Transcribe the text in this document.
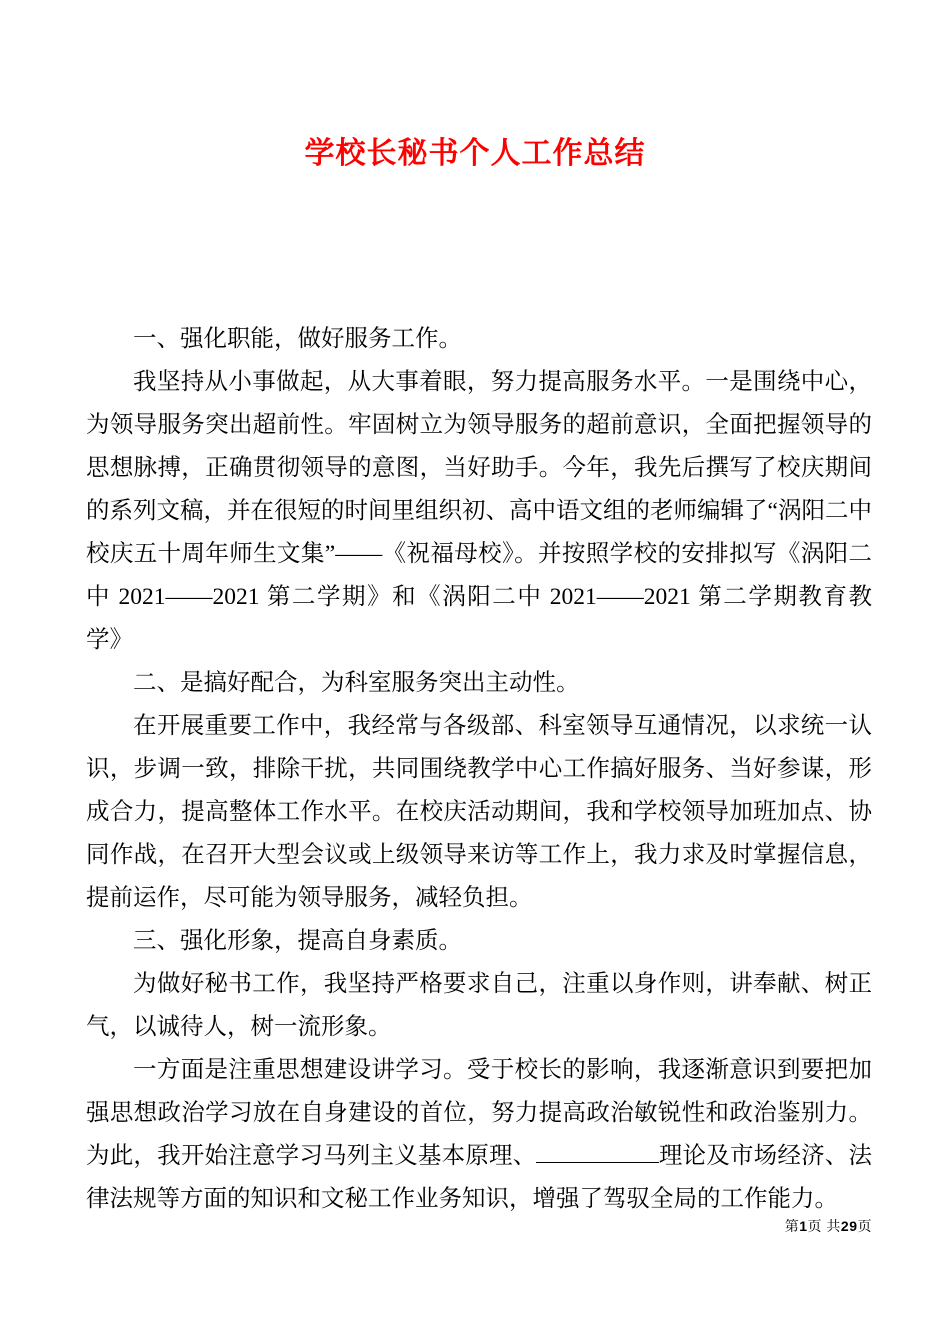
学校长秘书个人工作总结

一、强化职能，做好服务工作。

我坚持从小事做起，从大事着眼，努力提高服务水平。一是围绕中心，为领导服务突出超前性。牢固树立为领导服务的超前意识，全面把握领导的思想脉搏，正确贯彻领导的意图，当好助手。今年，我先后撰写了校庆期间的系列文稿，并在很短的时间里组织初、高中语文组的老师编辑了“涡阳二中校庆五十周年师生文集”——《祝福母校》。并按照学校的安排拟写《涡阳二中 2021——2021 第二学期》和《涡阳二中 2021——2021 第二学期教育教学》

二、是搞好配合，为科室服务突出主动性。

在开展重要工作中，我经常与各级部、科室领导互通情况，以求统一认识，步调一致，排除干扰，共同围绕教学中心工作搞好服务、当好参谋，形成合力，提高整体工作水平。在校庆活动期间，我和学校领导加班加点、协同作战，在召开大型会议或上级领导来访等工作上，我力求及时掌握信息，提前运作，尽可能为领导服务，减轻负担。

三、强化形象，提高自身素质。

为做好秘书工作，我坚持严格要求自己，注重以身作则，讲奉献、树正气，以诚待人，树一流形象。

一方面是注重思想建设讲学习。受于校长的影响，我逐渐意识到要把加强思想政治学习放在自身建设的首位，努力提高政治敏锐性和政治鉴别力。为此，我开始注意学习马列主义基本原理、	理论及市场经济、法律法规等方面的知识和文秘工作业务知识，增强了驾驭全局的工作能力。

第1页 共29页
